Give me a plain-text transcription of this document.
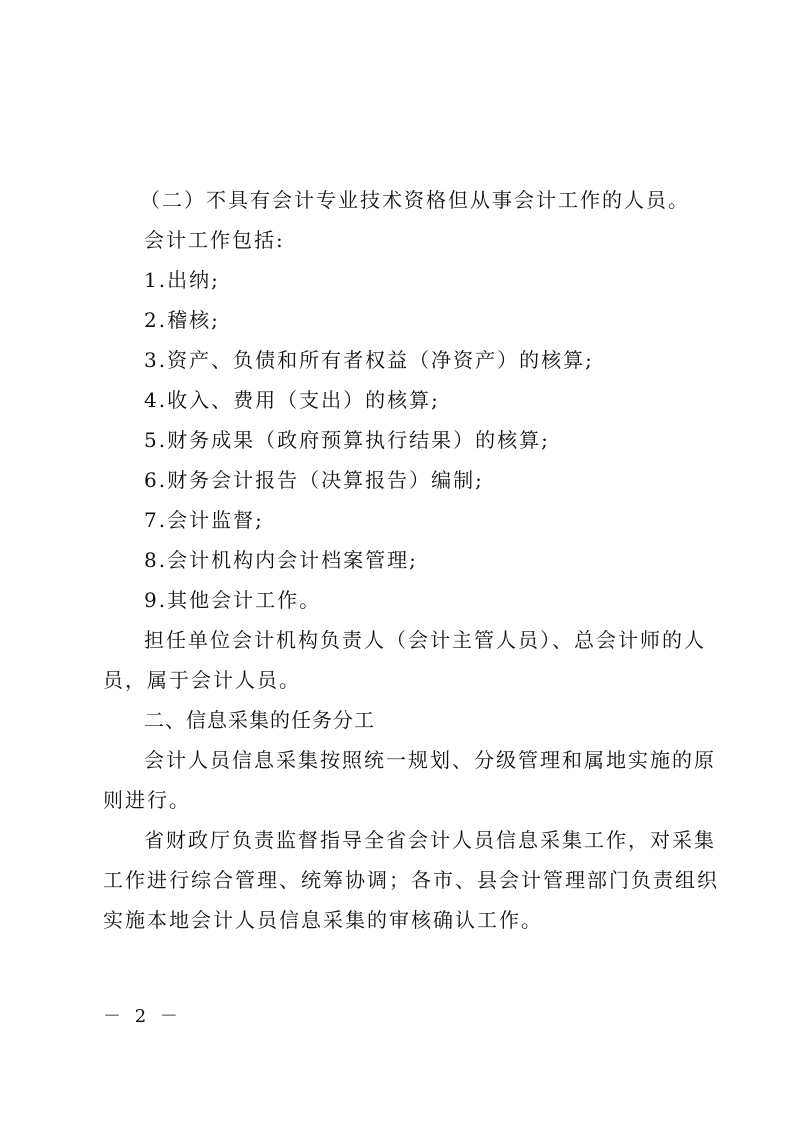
（二）不具有会计专业技术资格但从事会计工作的人员。
会计工作包括:
1.出纳;
2.稽核;
3.资产、负债和所有者权益（净资产）的核算;
4.收入、费用（支出）的核算;
5.财务成果（政府预算执行结果）的核算;
6.财务会计报告（决算报告）编制;
7.会计监督;
8.会计机构内会计档案管理;
9.其他会计工作。
担任单位会计机构负责人（会计主管人员）、总会计师的人
员，属于会计人员。
二、信息采集的任务分工
会计人员信息采集按照统一规划、分级管理和属地实施的原
则进行。
省财政厅负责监督指导全省会计人员信息采集工作，对采集
工作进行综合管理、统筹协调；各市、县会计管理部门负责组织
实施本地会计人员信息采集的审核确认工作。
－ 2 －
